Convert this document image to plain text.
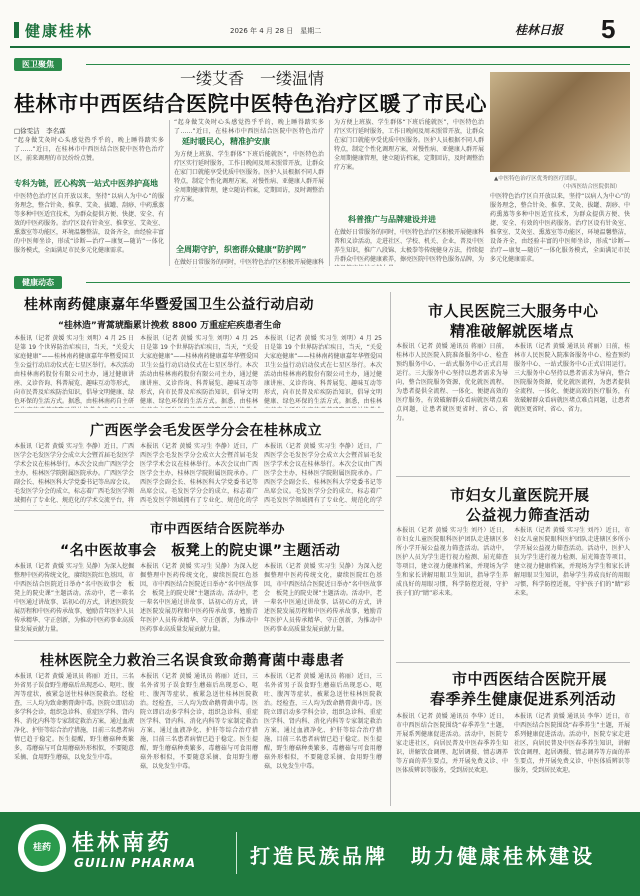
健康桂林	2026 年 4 月 28 日　星期二	桂林日报 5
医卫聚焦
一缕艾香　一缕温情
桂林市中西医结合医院中医特色治疗区暖了市民心
□徐雯洁　李名霖
“起身做艾灸时心头感觉热乎乎的，晚上睡得踏实多了……”近日，在桂林市中西医结合医院中医特色治疗区，前来调理的市民纷纷点赞。
专科为链，匠心构筑一站式中医养护高地
中医特色治疗区自开放以来，坚持“以病人为中心”的服务理念，整合针灸、推拿、艾灸、拔罐、刮痧、中药熏蒸等多种中医适宜技术，为群众提供方便、快捷、安全、有效的中医药服务。治疗区设有针灸室、推拿室、艾灸室、熏蒸室等功能区，环境温馨整洁，设备齐全，由经验丰富的中医师坐诊，形成“诊断—治疗—康复—随访”一体化服务模式，全面满足市民多元化健康需求。
“起身做艾灸时心头感觉热乎乎的，晚上睡得踏实多了……”近日，在桂林市中西医结合医院中医特色治疗
延时暖民心，精准护安康
为方便上班族、学生群体“下班后能就医”，中医特色治疗区实行延时服务，工作日晚间及周末照常开放，让群众在家门口就能享受优质中医服务。医护人员根据不同人群特点，制定个性化调理方案，对慢性病、亚健康人群开展全周期健康管理，建立随访档案，定期回访，及时调整治疗方案。
全周期守护，织密群众健康“防护网”
在做好日常服务的同时，中医特色治疗区积极开展健康科
为方便上班族、学生群体“下班后能就医”，中医特色治疗区实行延时服务，工作日晚间及周末照常开放，让群众在家门口就能享受优质中医服务。医护人员根据不同人群特点，制定个性化调理方案，对慢性病、亚健康人群开展全周期健康管理，建立随访档案，定期回访，及时调整治疗方案。
科普推广与品牌建设并进
在做好日常服务的同时，中医特色治疗区积极开展健康科普和义诊活动，走进社区、学校、机关、企业，普及中医养生知识，推广八段锦、太极拳等传统健身方法，持续提升群众中医药健康素养，擦亮医院中医特色服务品牌，为
▲中医特色治疗区优秀的医疗团队。
（中西医结合医院供图）
中医特色治疗区自开放以来，坚持“以病人为中心”的服务理念，整合针灸、推拿、艾灸、拔罐、刮痧、中药熏蒸等多种中医适宜技术，为群众提供方便、快捷、安全、有效的中医药服务。治疗区设有针灸室、推拿室、艾灸室、熏蒸室等功能区，环境温馨整洁，设备齐全，由经验丰富的中医师坐诊，形成“诊断—治疗—康复—随访”一体化服务模式，全面满足市民多元化健康需求。
健康动态
桂林南药健康嘉年华暨爱国卫生公益行动启动
“桂林造”青蒿琥酯累计挽救 8800 万重症疟疾患者生命
本报讯（记者 黄媛 实习生 刘明）4 月 25 日是第 19 个世界防治疟疾日，当天，“关爱大家庭健康”——桂林南药健康嘉年华暨爱国卫生公益行动启动仪式在七星区举行。本次活动由桂林南药股份有限公司主办，通过健康讲座、义诊咨询、科普展览、趣味互动等形式，向市民普及疟疾防治知识，倡导文明健康、绿色环保的生活方式。据悉，由桂林南药自主研
本报讯（记者 黄媛 实习生 刘明）4 月 25 日是第 19 个世界防治疟疾日，当天，“关爱大家庭健康”——桂林南药健康嘉年华暨爱国卫生公益行动启动仪式在七星区举行。本次活动由桂林南药股份有限公司主办，通过健康讲座、义诊咨询、科普展览、趣味互动等形式，向市民普及疟疾防治知识，倡导文明健康、绿色环保的生活方式。据悉，由桂林
本报讯（记者 黄媛 实习生 刘明）4 月 25 日是第 19 个世界防治疟疾日，当天，“关爱大家庭健康”——桂林南药健康嘉年华暨爱国卫生公益行动启动仪式在七星区举行。本次活动由桂林南药股份有限公司主办，通过健康讲座、义诊咨询、科普展览、趣味互动等形式，向市民普及疟疾防治知识，倡导文明健康、绿色环保的生活方式。据悉，由桂林
广西医学会毛发医学分会在桂林成立
本报讯（记者 黄媛 实习生 李静）近日，广西医学会毛发医学分会成立大会暨首届毛发医学学术会议在桂林举行。本次会议由广西医学会主办，桂林医学院附属医院承办。广西医学会副会长、桂林医科大学党委书记等出席会议。毛发医学分会的成立，标志着广西毛发医学领域拥有了专业化、规范化的学术交流平台，将
本报讯（记者 黄媛 实习生 李静）近日，广西医学会毛发医学分会成立大会暨首届毛发医学学术会议在桂林举行。本次会议由广西医学会主办，桂林医学院附属医院承办。广西医学会副会长、桂林医科大学党委书记等出席会议。毛发医学分会的成立，标志着广西毛发医学领域拥有了专业化、规范化的学
本报讯（记者 黄媛 实习生 李静）近日，广西医学会毛发医学分会成立大会暨首届毛发医学学术会议在桂林举行。本次会议由广西医学会主办，桂林医学院附属医院承办。广西医学会副会长、桂林医科大学党委书记等出席会议。毛发医学分会的成立，标志着广西毛发医学领域拥有了专业化、规范化的学
市中西医结合医院举办
“名中医故事会　板凳上的院史课”主题活动
本报讯（记者 黄媛 实习生 吴静）为深入挖掘整理中医药传统文化，赓续医院红色基因，市中西医结合医院近日举办“名中医故事会　板凳上的院史课”主题活动。活动中，老一辈名中医通过讲故事、话初心的方式，讲述医院发展历程和中医药传承故事，勉励青年医护人员传承精华、守正创新，为推动中医药事业高质量发展贡献力量。
本报讯（记者 黄媛 实习生 吴静）为深入挖掘整理中医药传统文化，赓续医院红色基因，市中西医结合医院近日举办“名中医故事会　板凳上的院史课”主题活动。活动中，老一辈名中医通过讲故事、话初心的方式，讲述医院发展历程和中医药传承故事，勉励青年医护人员传承精华、守正创新，为推动中医药事业高质量发展贡献力量。
本报讯（记者 黄媛 实习生 吴静）为深入挖掘整理中医药传统文化，赓续医院红色基因，市中西医结合医院近日举办“名中医故事会　板凳上的院史课”主题活动。活动中，老一辈名中医通过讲故事、话初心的方式，讲述医院发展历程和中医药传承故事，勉励青年医护人员传承精华、守正创新，为推动中医药事业高质量发展贡献力量。
桂林医院全力救治三名误食致命鹅膏菌中毒患者
本报讯（记者 黄媛 通讯员 蒋丽）近日，三名外省男子误食野生蘑菇后出现恶心、呕吐、腹泻等症状，被紧急送往桂林医院救治。经检查，三人均为致命鹅膏菌中毒。医院立即启动多学科会诊，组织急诊科、重症医学科、肾内科、消化内科等专家制定救治方案，通过血液净化、护肝等综合治疗措施，目前三名患者病情已趋于稳定。医生提醒，野生蘑菇种类繁多，毒蘑菇与可食用蘑菇外形相似，不要随意采摘、食用野生蘑菇，以免发生中毒。
本报讯（记者 黄媛 通讯员 蒋丽）近日，三名外省男子误食野生蘑菇后出现恶心、呕吐、腹泻等症状，被紧急送往桂林医院救治。经检查，三人均为致命鹅膏菌中毒。医院立即启动多学科会诊，组织急诊科、重症医学科、肾内科、消化内科等专家制定救治方案，通过血液净化、护肝等综合治疗措施，目前三名患者病情已趋于稳定。医生提醒，野生蘑菇种类繁多，毒蘑菇与可食用蘑菇外形相似，不要随意采摘、食用野生蘑菇，以免发生中毒。
本报讯（记者 黄媛 通讯员 蒋丽）近日，三名外省男子误食野生蘑菇后出现恶心、呕吐、腹泻等症状，被紧急送往桂林医院救治。经检查，三人均为致命鹅膏菌中毒。医院立即启动多学科会诊，组织急诊科、重症医学科、肾内科、消化内科等专家制定救治方案，通过血液净化、护肝等综合治疗措施，目前三名患者病情已趋于稳定。医生提醒，野生蘑菇种类繁多，毒蘑菇与可食用蘑菇外形相似，不要随意采摘、食用野生蘑菇，以免发生中毒。
市人民医院三大服务中心
精准破解就医堵点
本报讯（记者 黄媛 通讯员 蒋丽）日前，桂林市人民医院入院准备服务中心、检查预约服务中心、一站式服务中心正式启用运行。三大服务中心坚持以患者需求为导向，整合医院服务资源，优化就医流程，为患者提供全流程、一体化、便捷高效的医疗服务，有效破解群众看病就医堵点难点问题，让患者就医更省时、省心、省力。
本报讯（记者 黄媛 通讯员 蒋丽）日前，桂林市人民医院入院准备服务中心、检查预约服务中心、一站式服务中心正式启用运行。三大服务中心坚持以患者需求为导向，整合医院服务资源，优化就医流程，为患者提供全流程、一体化、便捷高效的医疗服务，有效破解群众看病就医堵点难点问题，让患者就医更省时、省心、省力。
市妇女儿童医院开展
公益视力筛查活动
本报讯（记者 黄媛 实习生 刘丹）近日，市妇女儿童医院眼科医护团队走进辖区多所小学开展公益视力筛查活动。活动中，医护人员为学生进行视力检测、屈光筛查等项目，建立视力健康档案，并现场为学生和家长讲解用眼卫生知识，指导学生养成良好的用眼习惯，科学防控近视，守护孩子们的“睛”彩未来。
本报讯（记者 黄媛 实习生 刘丹）近日，市妇女儿童医院眼科医护团队走进辖区多所小学开展公益视力筛查活动。活动中，医护人员为学生进行视力检测、屈光筛查等项目，建立视力健康档案，并现场为学生和家长讲解用眼卫生知识，指导学生养成良好的用眼习惯，科学防控近视，守护孩子们的“睛”彩未来。
市中西医结合医院开展
春季养生健康促进系列活动
本报讯（记者 黄媛 通讯员 李华）近日，市中西医结合医院围绕“春季养生”主题，开展系列健康促进活动。活动中，医院专家走进社区，向居民普及中医春季养生知识，讲解饮食调理、起居调摄、情志调养等方面的养生要点，并开展免费义诊、中医体质辨识等服务，受到居民欢迎。
本报讯（记者 黄媛 通讯员 李华）近日，市中西医结合医院围绕“春季养生”主题，开展系列健康促进活动。活动中，医院专家走进社区，向居民普及中医春季养生知识，讲解饮食调理、起居调摄、情志调养等方面的养生要点，并开展免费义诊、中医体质辨识等服务，受到居民欢迎。
桂药 桂林南药
GUILIN PHARMA	打造民族品牌　助力健康桂林建设
